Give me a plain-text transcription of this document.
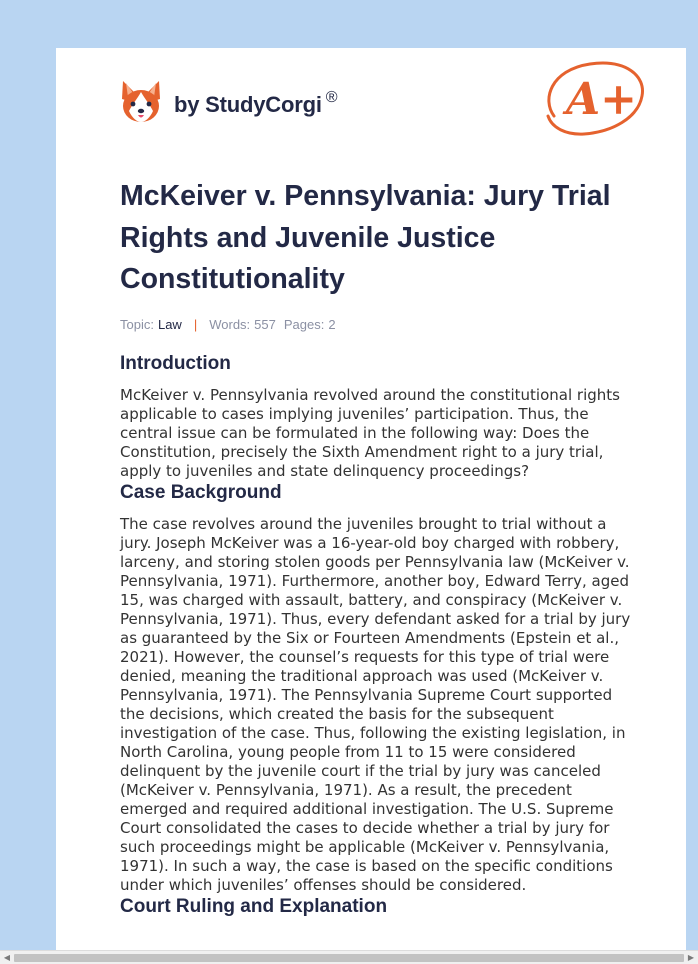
by StudyCorgi ®	A+
McKeiver v. Pennsylvania: Jury Trial Rights and Juvenile Justice Constitutionality
Topic: Law | Words: 557 Pages: 2
Introduction

McKeiver v. Pennsylvania revolved around the constitutional rights applicable to cases implying juveniles’ participation. Thus, the central issue can be formulated in the following way: Does the Constitution, precisely the Sixth Amendment right to a jury trial, apply to juveniles and state delinquency proceedings?

Case Background

The case revolves around the juveniles brought to trial without a jury. Joseph McKeiver was a 16-year-old boy charged with robbery, larceny, and storing stolen goods per Pennsylvania law (McKeiver v. Pennsylvania, 1971). Furthermore, another boy, Edward Terry, aged 15, was charged with assault, battery, and conspiracy (McKeiver v. Pennsylvania, 1971). Thus, every defendant asked for a trial by jury as guaranteed by the Six or Fourteen Amendments (Epstein et al., 2021). However, the counsel’s requests for this type of trial were denied, meaning the traditional approach was used (McKeiver v. Pennsylvania, 1971). The Pennsylvania Supreme Court supported the decisions, which created the basis for the subsequent investigation of the case. Thus, following the existing legislation, in North Carolina, young people from 11 to 15 were considered delinquent by the juvenile court if the trial by jury was canceled (McKeiver v. Pennsylvania, 1971). As a result, the precedent emerged and required additional investigation. The U.S. Supreme Court consolidated the cases to decide whether a trial by jury for such proceedings might be applicable (McKeiver v. Pennsylvania, 1971). In such a way, the case is based on the specific conditions under which juveniles’ offenses should be considered.

Court Ruling and Explanation
◀	▶
